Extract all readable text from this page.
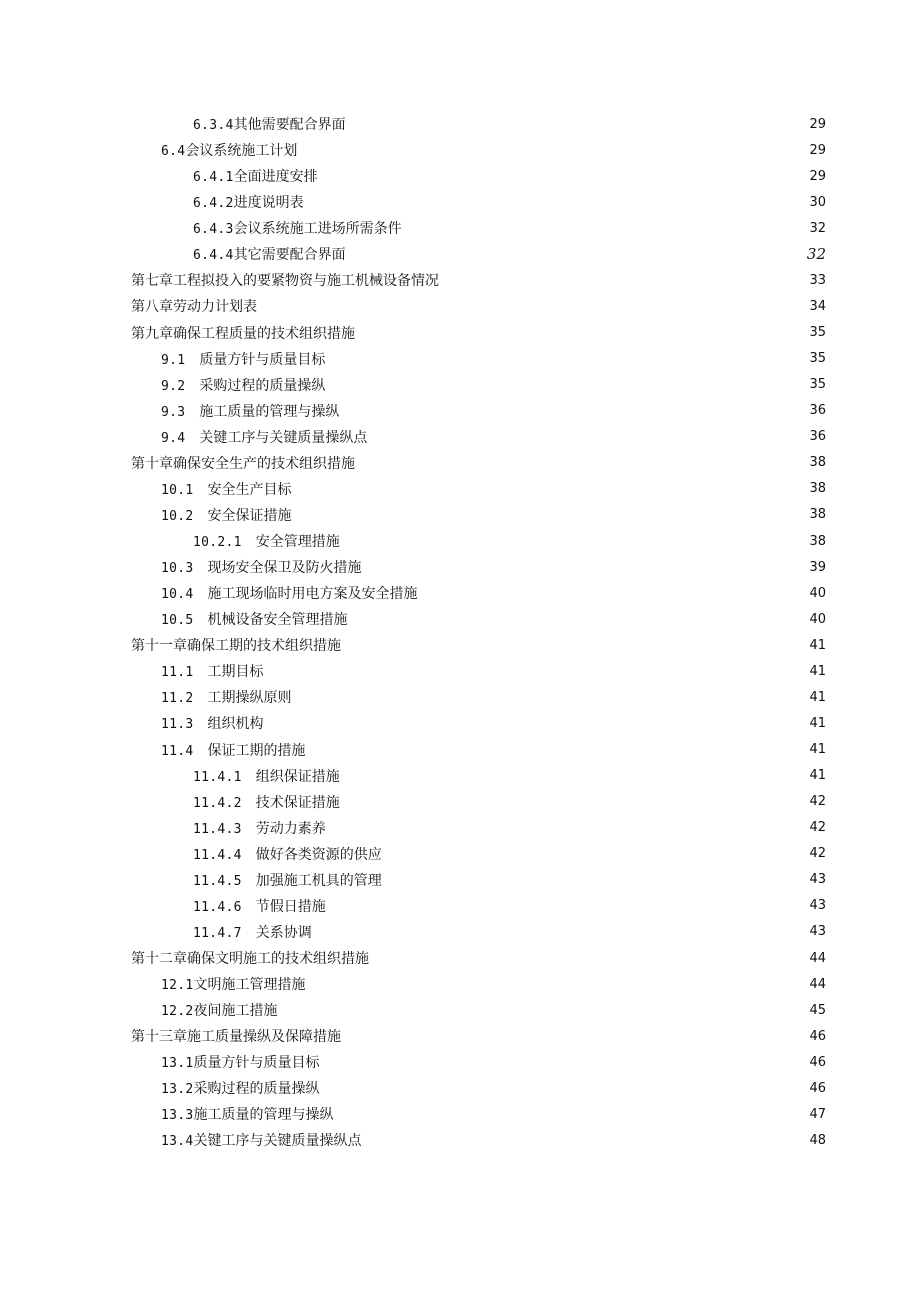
6.3.4其他需要配合界面	29
6.4会议系统施工计划	29
6.4.1全面进度安排	29
6.4.2进度说明表	30
6.4.3会议系统施工进场所需条件	32
6.4.4其它需要配合界面	32
第七章工程拟投入的要紧物资与施工机械设备情况	33
第八章劳动力计划表	34
第九章确保工程质量的技术组织措施	35
9.1 质量方针与质量目标	35
9.2 采购过程的质量操纵	35
9.3 施工质量的管理与操纵	36
9.4 关键工序与关键质量操纵点	36
第十章确保安全生产的技术组织措施	38
10.1 安全生产目标	38
10.2 安全保证措施	38
10.2.1 安全管理措施	38
10.3 现场安全保卫及防火措施	39
10.4 施工现场临时用电方案及安全措施	40
10.5 机械设备安全管理措施	40
第十一章确保工期的技术组织措施	41
11.1 工期目标	41
11.2 工期操纵原则	41
11.3 组织机构	41
11.4 保证工期的措施	41
11.4.1 组织保证措施	41
11.4.2 技术保证措施	42
11.4.3 劳动力素养	42
11.4.4 做好各类资源的供应	42
11.4.5 加强施工机具的管理	43
11.4.6 节假日措施	43
11.4.7 关系协调	43
第十二章确保文明施工的技术组织措施	44
12.1文明施工管理措施	44
12.2夜间施工措施	45
第十三章施工质量操纵及保障措施	46
13.1质量方针与质量目标	46
13.2采购过程的质量操纵	46
13.3施工质量的管理与操纵	47
13.4关键工序与关键质量操纵点	48
